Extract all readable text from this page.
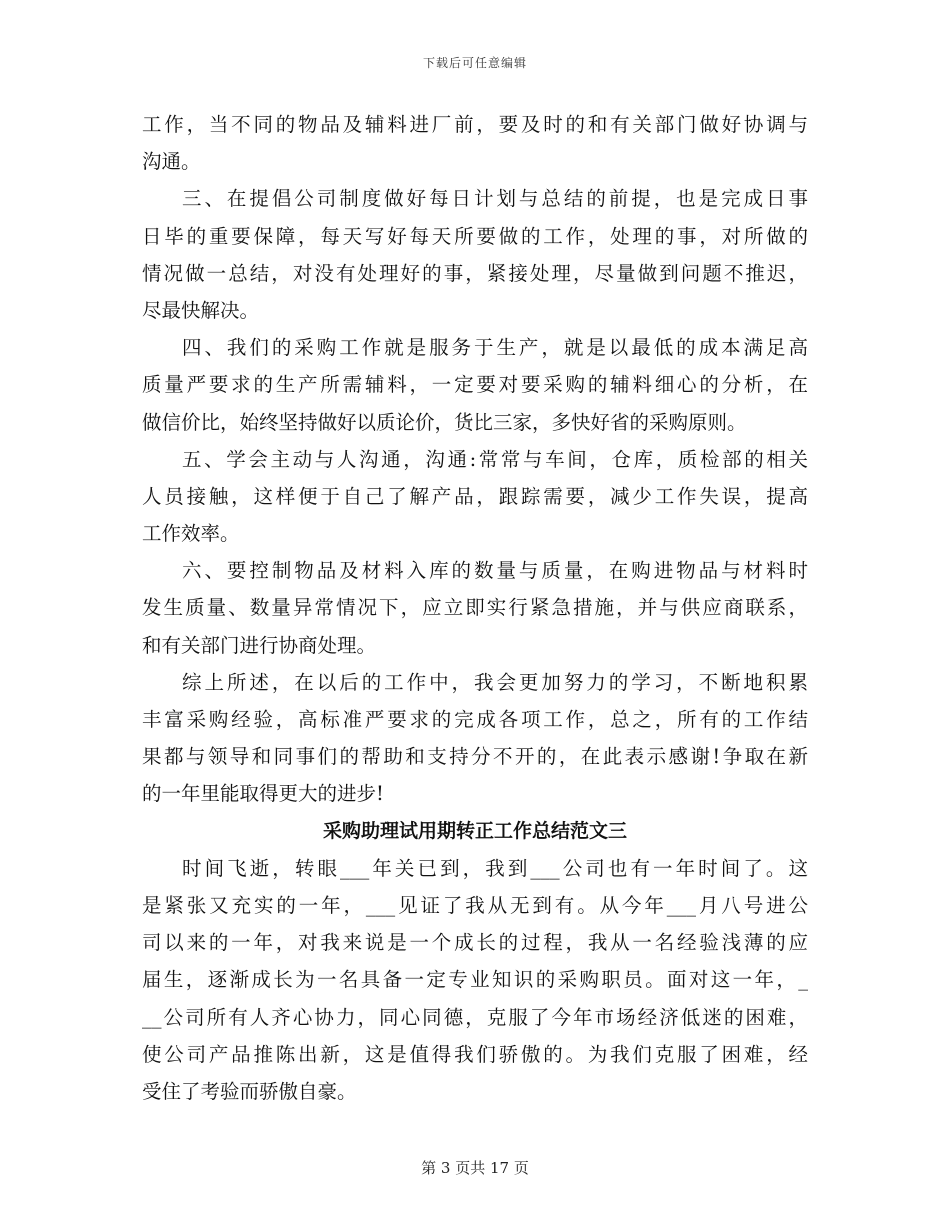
下载后可任意编辑
工作，当不同的物品及辅料进厂前，要及时的和有关部门做好协调与
沟通。
三、在提倡公司制度做好每日计划与总结的前提，也是完成日事
日毕的重要保障，每天写好每天所要做的工作，处理的事，对所做的
情况做一总结，对没有处理好的事，紧接处理，尽量做到问题不推迟，
尽最快解决。
四、我们的采购工作就是服务于生产，就是以最低的成本满足高
质量严要求的生产所需辅料，一定要对要采购的辅料细心的分析，在
做信价比，始终坚持做好以质论价，货比三家，多快好省的采购原则。
五、学会主动与人沟通，沟通:常常与车间，仓库，质检部的相关
人员接触，这样便于自己了解产品，跟踪需要，减少工作失误，提高
工作效率。
六、要控制物品及材料入库的数量与质量，在购进物品与材料时
发生质量、数量异常情况下，应立即实行紧急措施，并与供应商联系，
和有关部门进行协商处理。
综上所述，在以后的工作中，我会更加努力的学习，不断地积累
丰富采购经验，高标准严要求的完成各项工作，总之，所有的工作结
果都与领导和同事们的帮助和支持分不开的，在此表示感谢!争取在新
的一年里能取得更大的进步!
采购助理试用期转正工作总结范文三
时间飞逝，转眼___年关已到，我到___公司也有一年时间了。这
是紧张又充实的一年，___见证了我从无到有。从今年___月八号进公
司以来的一年，对我来说是一个成长的过程，我从一名经验浅薄的应
届生，逐渐成长为一名具备一定专业知识的采购职员。面对这一年，_
__公司所有人齐心协力，同心同德，克服了今年市场经济低迷的困难，
使公司产品推陈出新，这是值得我们骄傲的。为我们克服了困难，经
受住了考验而骄傲自豪。
第 3 页共 17 页
